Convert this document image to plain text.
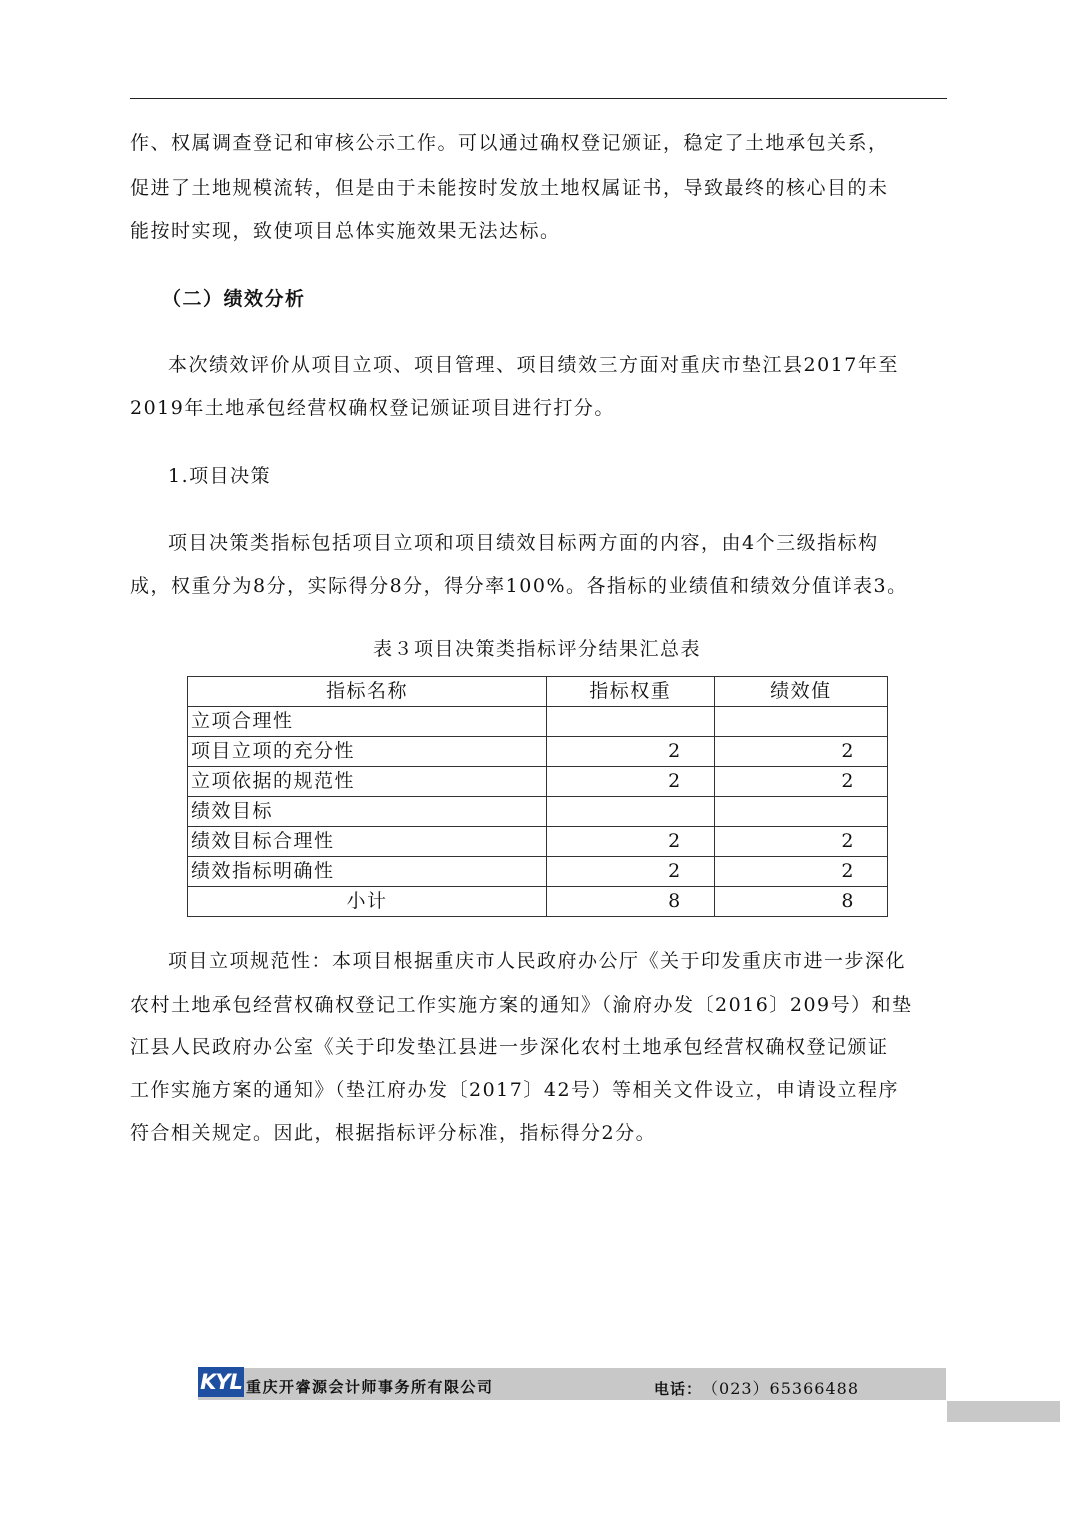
作、权属调查登记和审核公示工作。可以通过确权登记颁证，稳定了土地承包关系，
促进了土地规模流转，但是由于未能按时发放土地权属证书，导致最终的核心目的未
能按时实现，致使项目总体实施效果无法达标。
（二）绩效分析
本次绩效评价从项目立项、项目管理、项目绩效三方面对重庆市垫江县2017年至
2019年土地承包经营权确权登记颁证项目进行打分。
1.项目决策
项目决策类指标包括项目立项和项目绩效目标两方面的内容，由4个三级指标构
成，权重分为8分，实际得分8分，得分率100%。各指标的业绩值和绩效分值详表3。
表３项目决策类指标评分结果汇总表
指标名称	指标权重	绩效值
立项合理性		
项目立项的充分性	2	2
立项依据的规范性	2	2
绩效目标		
绩效目标合理性	2	2
绩效指标明确性	2	2
小计	8	8
项目立项规范性：本项目根据重庆市人民政府办公厅《关于印发重庆市进一步深化
农村土地承包经营权确权登记工作实施方案的通知》（渝府办发〔2016〕209号）和垫
江县人民政府办公室《关于印发垫江县进一步深化农村土地承包经营权确权登记颁证
工作实施方案的通知》（垫江府办发〔2017〕42号）等相关文件设立，申请设立程序
符合相关规定。因此，根据指标评分标准，指标得分2分。
KYL 重庆开睿源会计师事务所有限公司	电话： （023）65366488
